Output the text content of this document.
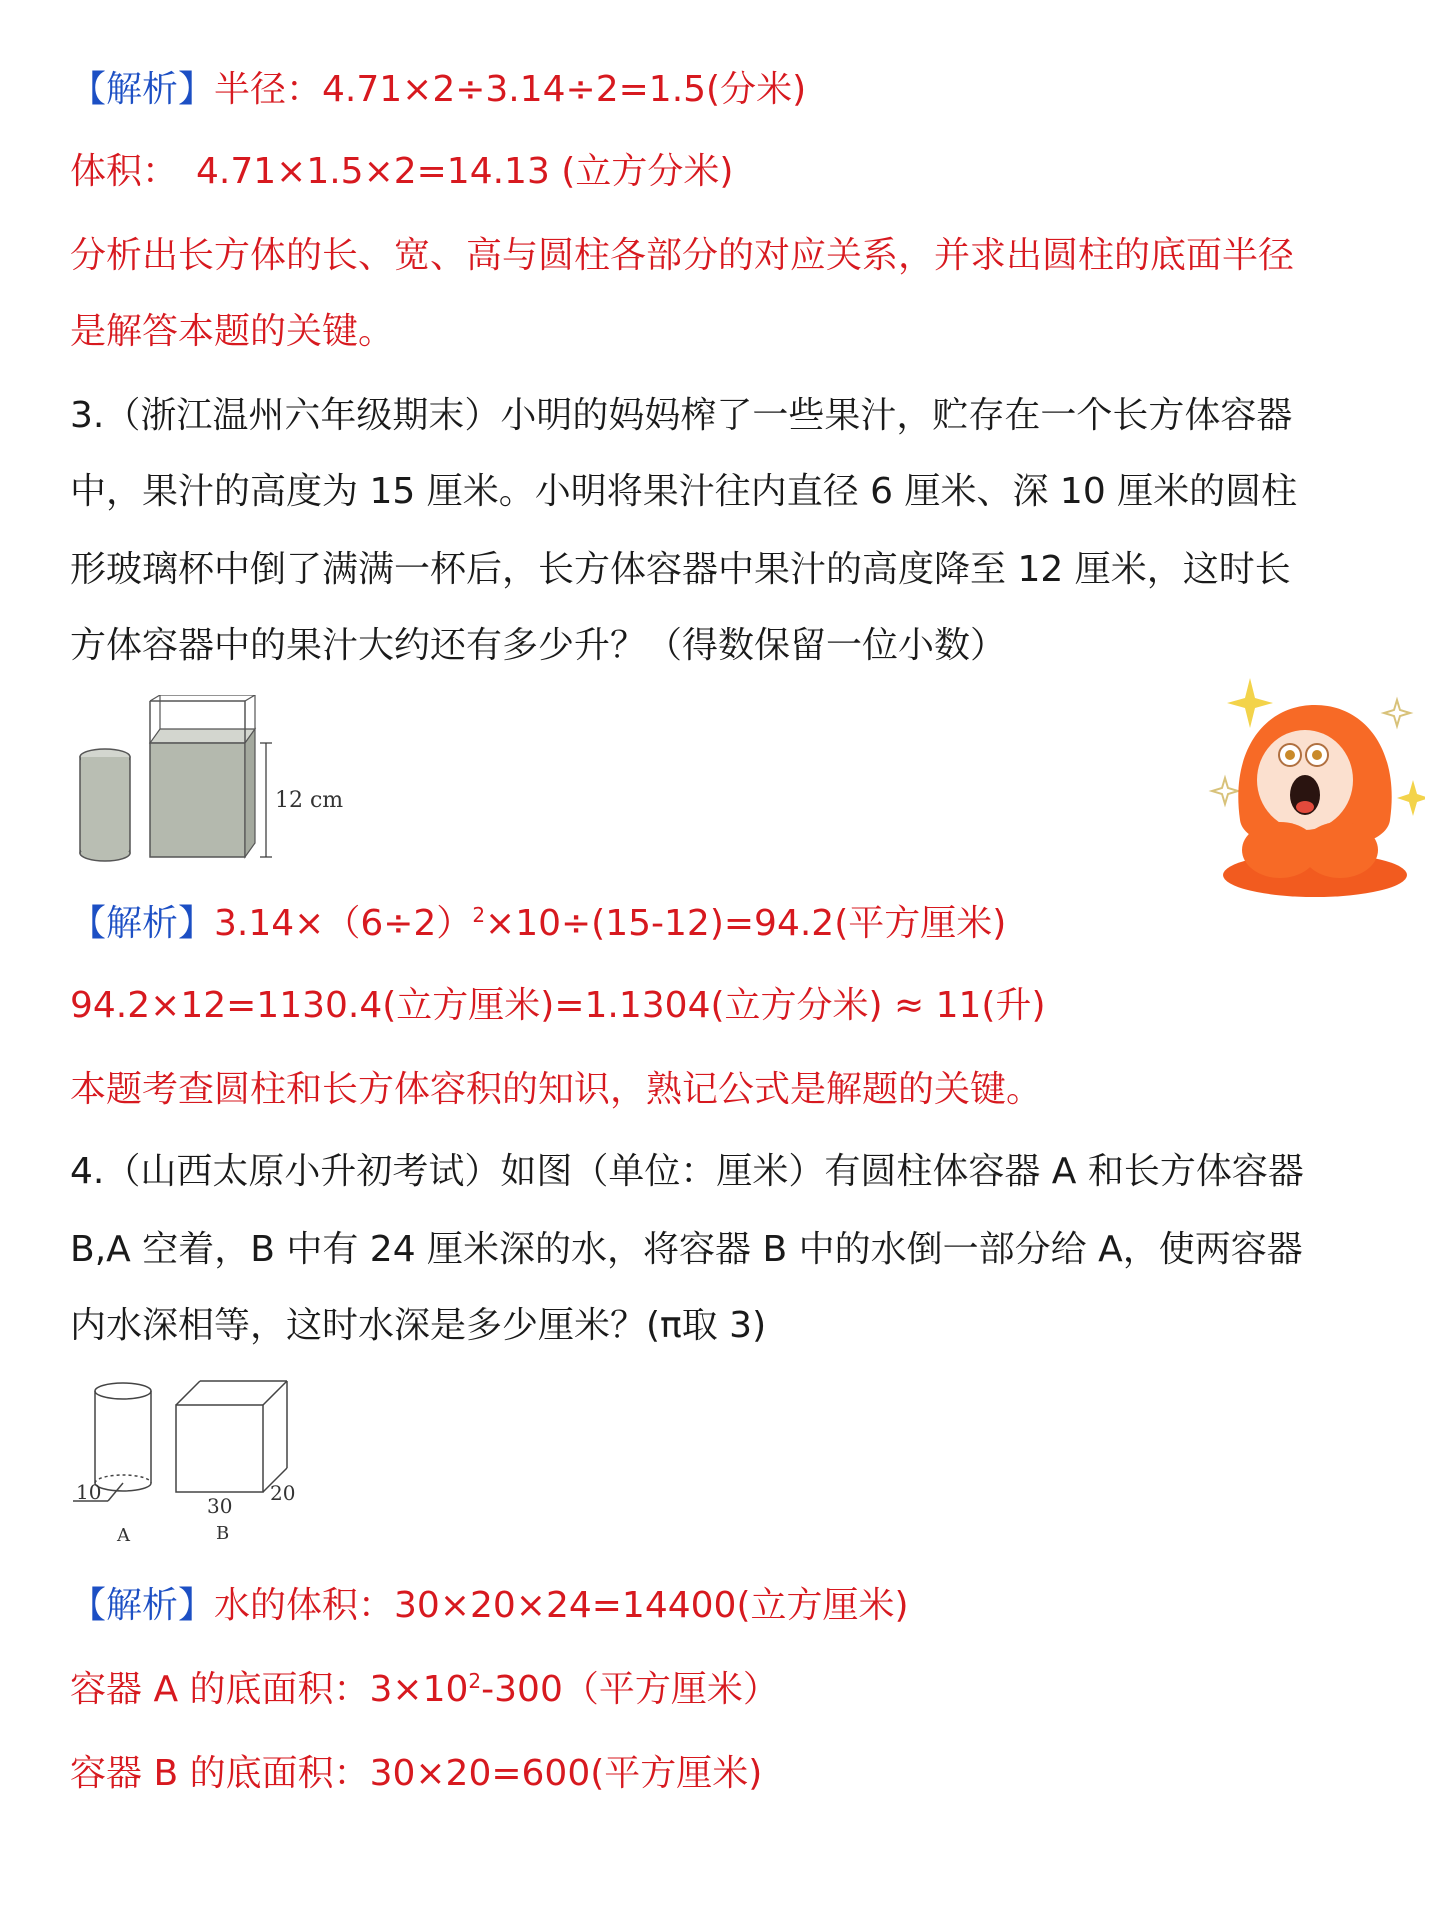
【解析】半径：4.71×2÷3.14÷2=1.5(分米)
体积：　4.71×1.5×2=14.13 (立方分米)
分析出长方体的长、宽、高与圆柱各部分的对应关系，并求出圆柱的底面半径
是解答本题的关键。
3.（浙江温州六年级期末）小明的妈妈榨了一些果汁，贮存在一个长方体容器
中，果汁的高度为 15 厘米。小明将果汁往内直径 6 厘米、深 10 厘米的圆柱
形玻璃杯中倒了满满一杯后，长方体容器中果汁的高度降至 12 厘米，这时长
方体容器中的果汁大约还有多少升？（得数保留一位小数）
12 cm
【解析】$3.14\times(6\div 2)^2\times 10\div(15-12)=94.2$(平方厘米)
94.2×12=1130.4(立方厘米)=1.1304(立方分米) ≈ 11(升)
本题考查圆柱和长方体容积的知识，熟记公式是解题的关键。
4.（山西太原小升初考试）如图（单位：厘米）有圆柱体容器 A 和长方体容器
B,A 空着，B 中有 24 厘米深的水，将容器 B 中的水倒一部分给 A，使两容器
内水深相等，这时水深是多少厘米？(π取 3)
10
30
20
A	B
【解析】水的体积：30×20×24=14400(立方厘米)
容器 A 的底面积：$3\times 10^2-300$（平方厘米）
容器 B 的底面积：30×20=600(平方厘米)
